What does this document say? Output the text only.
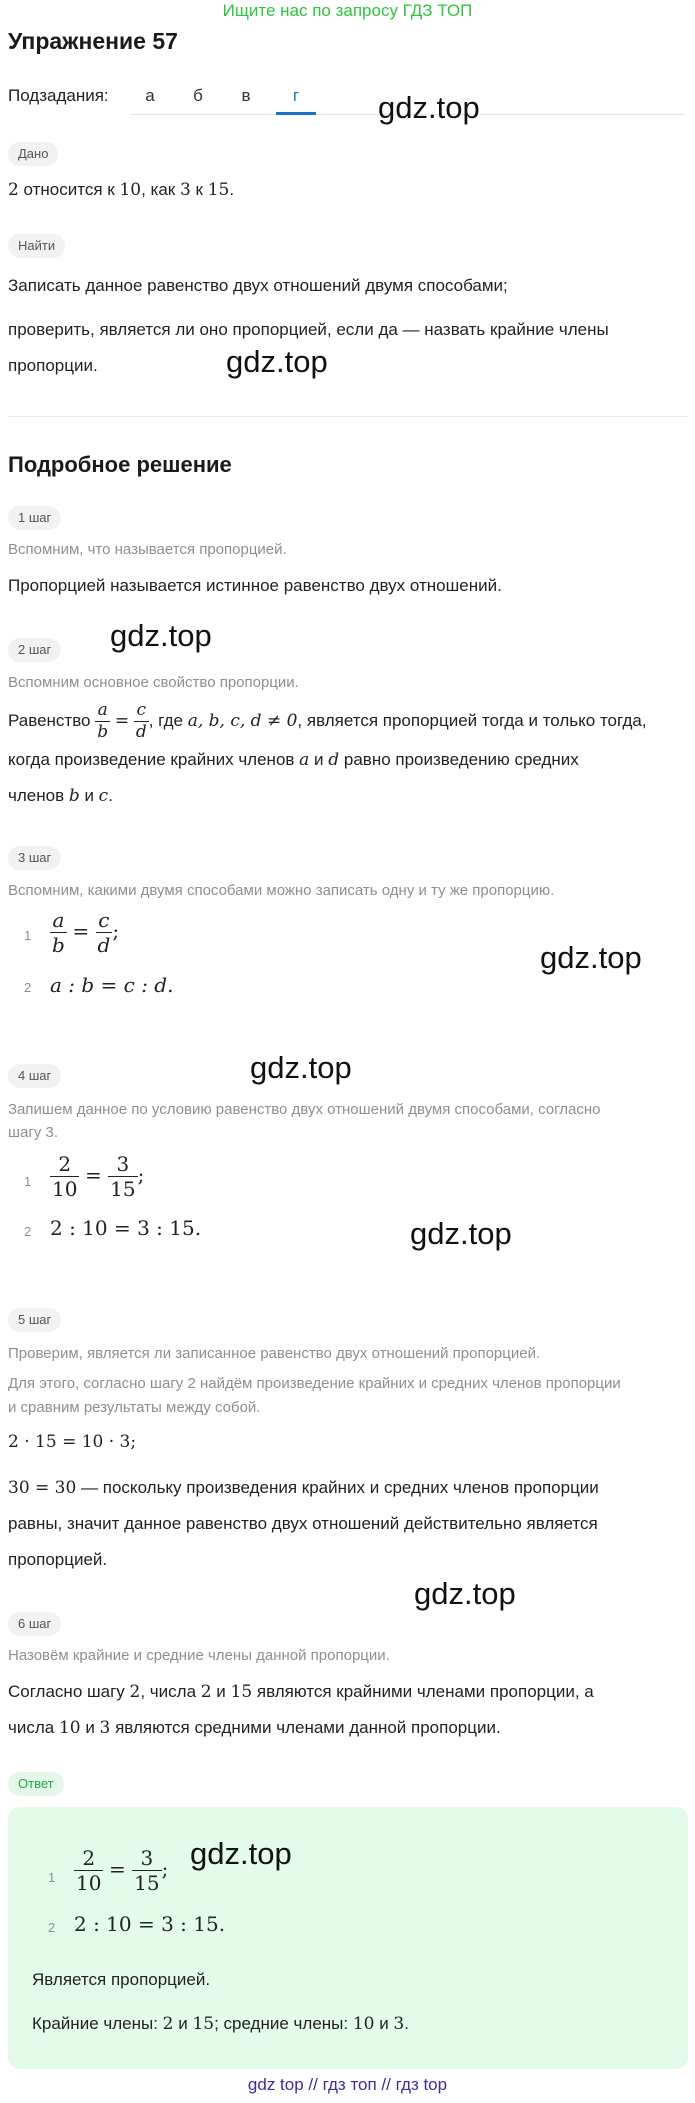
Ищите нас по запросу ГДЗ ТОП
Упражнение 57
Подзадания:	а	б	в	г
Дано
2 относится к 10, как 3 к 15.
Найти
Записать данное равенство двух отношений двумя способами;
проверить, является ли оно пропорцией, если да — назвать крайние члены
пропорции.
Подробное решение
1 шаг
Вспомним, что называется пропорцией.
Пропорцией называется истинное равенство двух отношений.
2 шаг
Вспомним основное свойство пропорции.
Равенство $\frac{a}{b} = \frac{c}{d}$ , где a, b, c, d ≠ 0, является пропорцией тогда и только тогда,
когда произведение крайних членов a и d равно произведению средних
членов b и c.
3 шаг
Вспомним, какими двумя способами можно записать одну и ту же пропорцию.
$1 \frac{a}{b} = \frac{c}{d}$ ;
2 a : b = c : d.
4 шаг
Запишем данное по условию равенство двух отношений двумя способами, согласно
шагу 3.
$1 \frac{2}{10} = \frac{3}{15}$ ;
2 2 : 10 = 3 : 15.
5 шаг
Проверим, является ли записанное равенство двух отношений пропорцией.
Для этого, согласно шагу 2 найдём произведение крайних и средних членов пропорции
и сравним результаты между собой.
2 · 15 = 10 · 3;
30 = 30 — поскольку произведения крайних и средних членов пропорции
равны, значит данное равенство двух отношений действительно является
пропорцией.
6 шаг
Назовём крайние и средние члены данной пропорции.
Согласно шагу 2, числа 2 и 15 являются крайними членами пропорции, а
числа 10 и 3 являются средними членами данной пропорции.
Ответ
$1 \frac{2}{10} = \frac{3}{15}$ ;
2 2 : 10 = 3 : 15.
Является пропорцией.
Крайние члены: 2 и 15; средние члены: 10 и 3.
gdz.top
gdz.top
gdz.top
gdz.top
gdz.top
gdz.top
gdz.top
gdz.top
gdz top // гдз топ // гдз top
